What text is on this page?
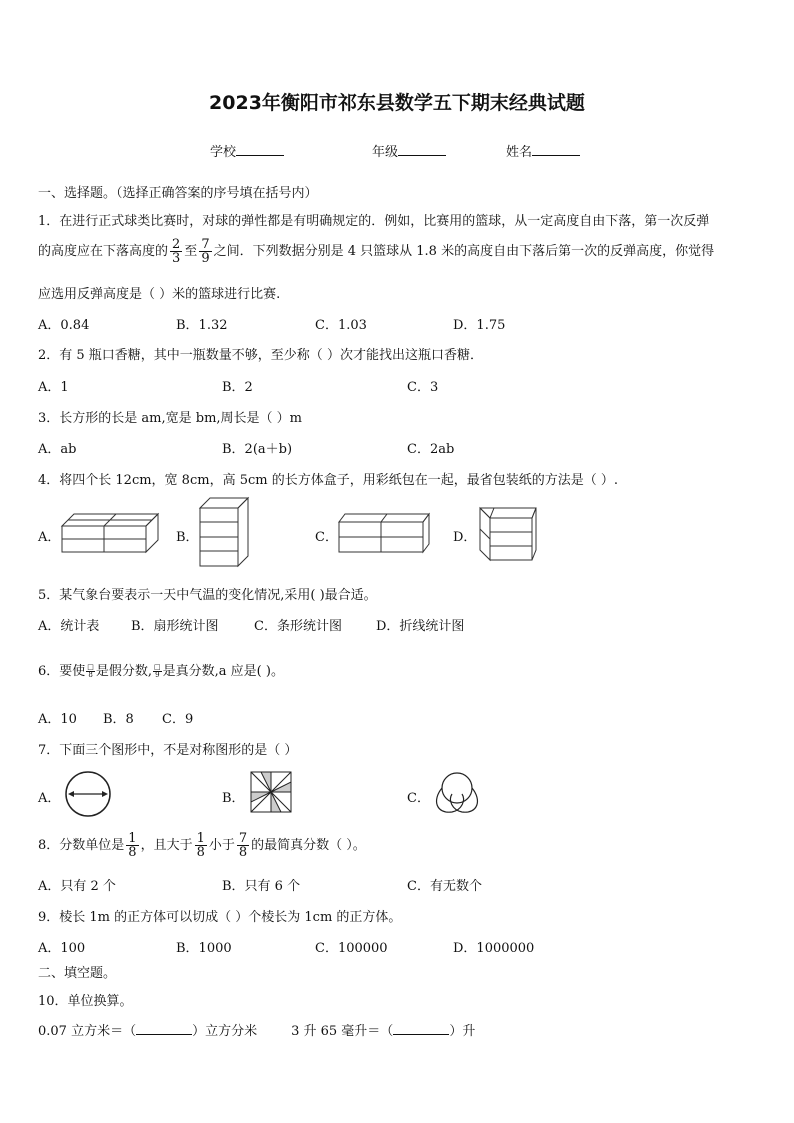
2023年衡阳市祁东县数学五下期末经典试题
学校	年级	姓名
一、选择题。（选择正确答案的序号填在括号内）
1．在进行正式球类比赛时，对球的弹性都是有明确规定的．例如，比赛用的篮球，从一定高度自由下落，第一次反弹
的高度应在下落高度的 $\frac{2}{3}$ 至 $\frac{7}{9}$ 之间．下列数据分别是 4 只篮球从 1.8 米的高度自由下落后第一次的反弹高度，你觉得
应选用反弹高度是（ ）米的篮球进行比赛.
A．0.84	B．1.32	C．1.03	D．1.75
2．有 5 瓶口香糖，其中一瓶数量不够，至少称（ ）次才能找出这瓶口香糖．
A．1	B．2	C．3
3．长方形的长是 am,宽是 bm,周长是（ ）m
A．ab	B．2(a＋b)	C．2ab
4．将四个长 12cm，宽 8cm，高 5cm 的长方体盒子，用彩纸包在一起，最省包装纸的方法是（ ）.
A．	B．	C．	D．
5．某气象台要表示一天中气温的变化情况,采用( )最合适。
A．统计表 B．扇形统计图	C．条形统计图	D．折线统计图
6．要使 □
8 是假分数, □
9 是真分数,a 应是( )。
A．10 B．8 C．9
7．下面三个图形中，不是对称图形的是（ ）
A．	B．	C．
8．分数单位是 $\frac{1}{8}$ ，且大于 $\frac{1}{8}$ 小于 $\frac{7}{8}$ 的最简真分数（ ）。
A．只有 2 个	B．只有 6 个	C．有无数个
9．棱长 1m 的正方体可以切成（ ）个棱长为 1cm 的正方体。
A．100	B．1000	C．100000	D．1000000
二、填空题。
10．单位换算。
0.07 立方米＝（	）立方分米	3 升 65 毫升＝（	）升
